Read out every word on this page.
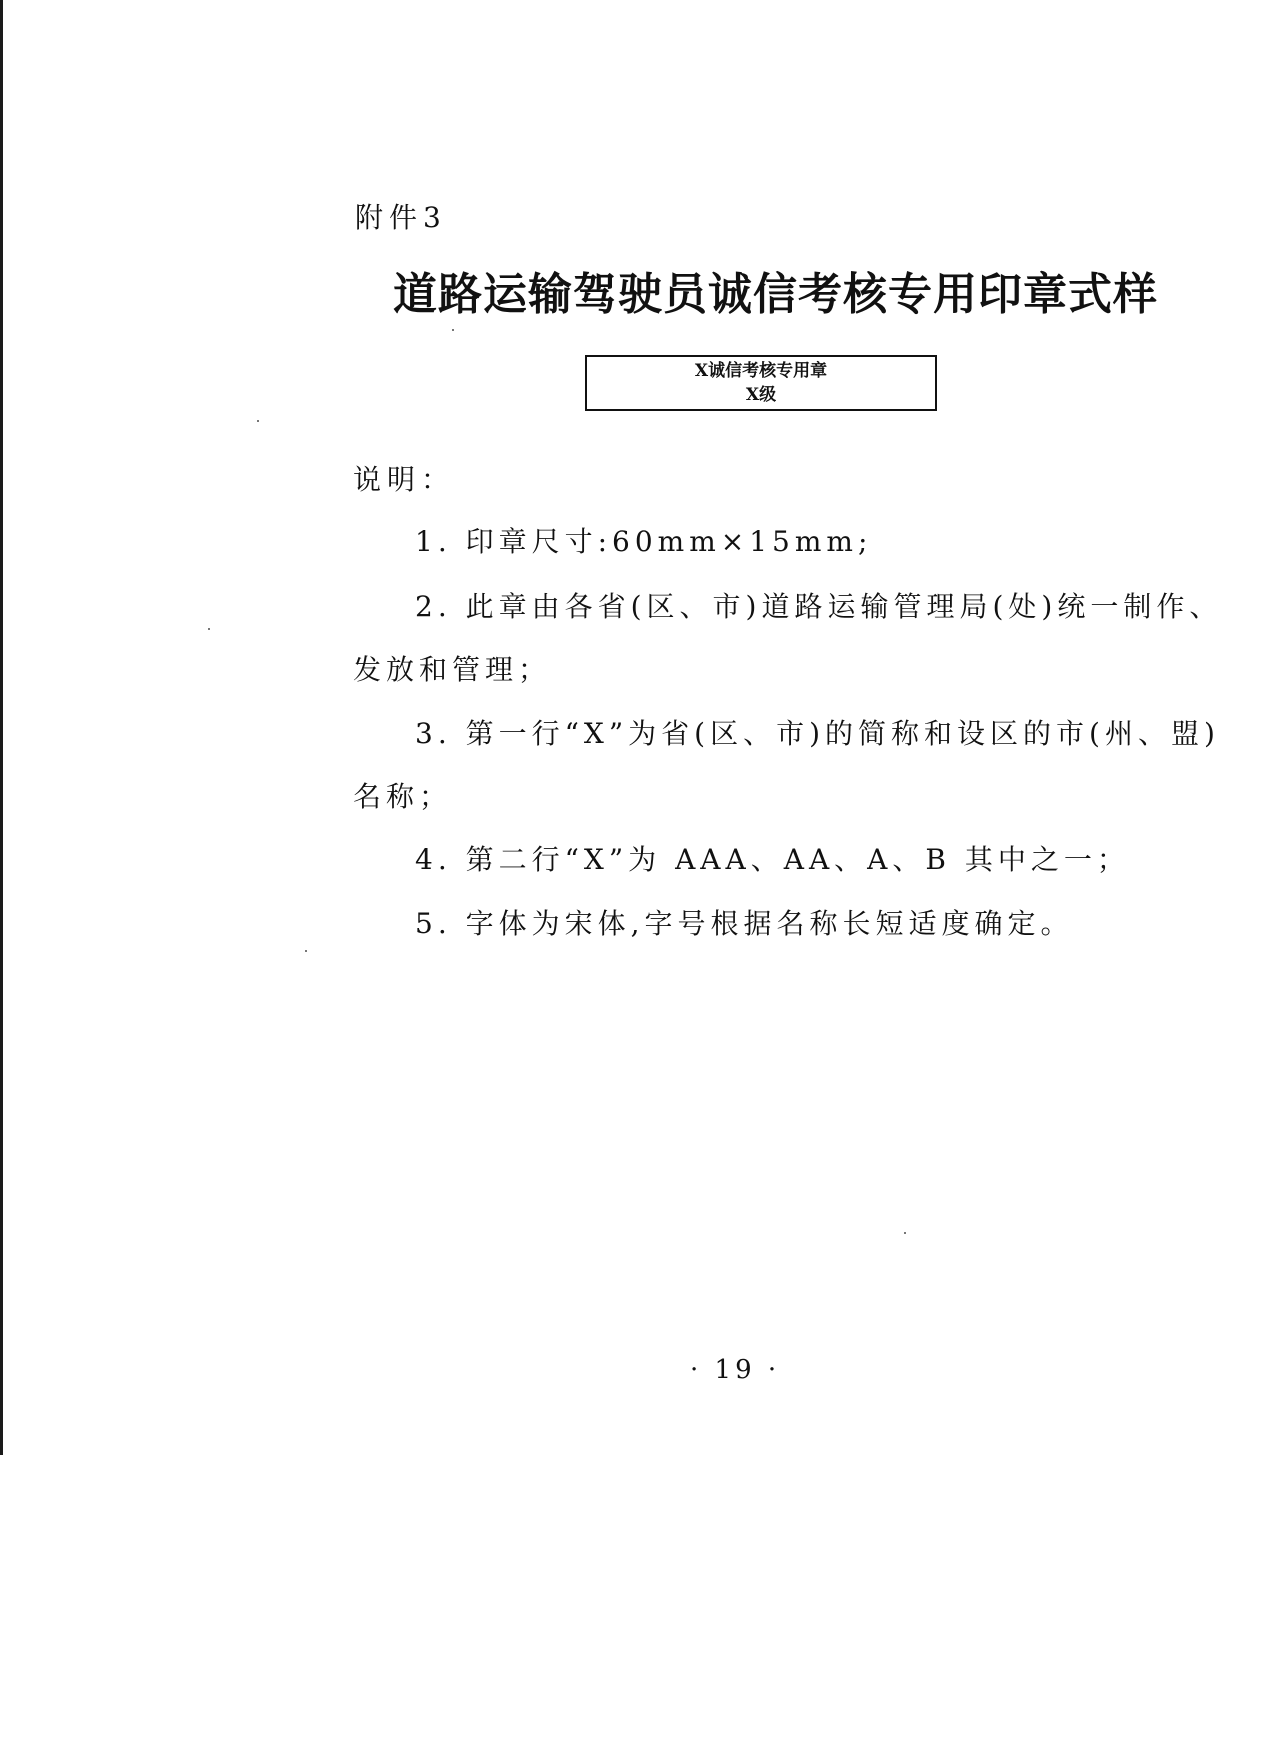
附件3
道路运输驾驶员诚信考核专用印章式样
X诚信考核专用章
X级
说明：
1. 印章尺寸:60mm×15mm;
2. 此章由各省(区、市)道路运输管理局(处)统一制作、
发放和管理；
3. 第一行“X”为省(区、市)的简称和设区的市(州、盟)
名称；
4. 第二行“X”为 AAA、AA、A、B 其中之一；
5. 字体为宋体,字号根据名称长短适度确定。
· 19 ·
